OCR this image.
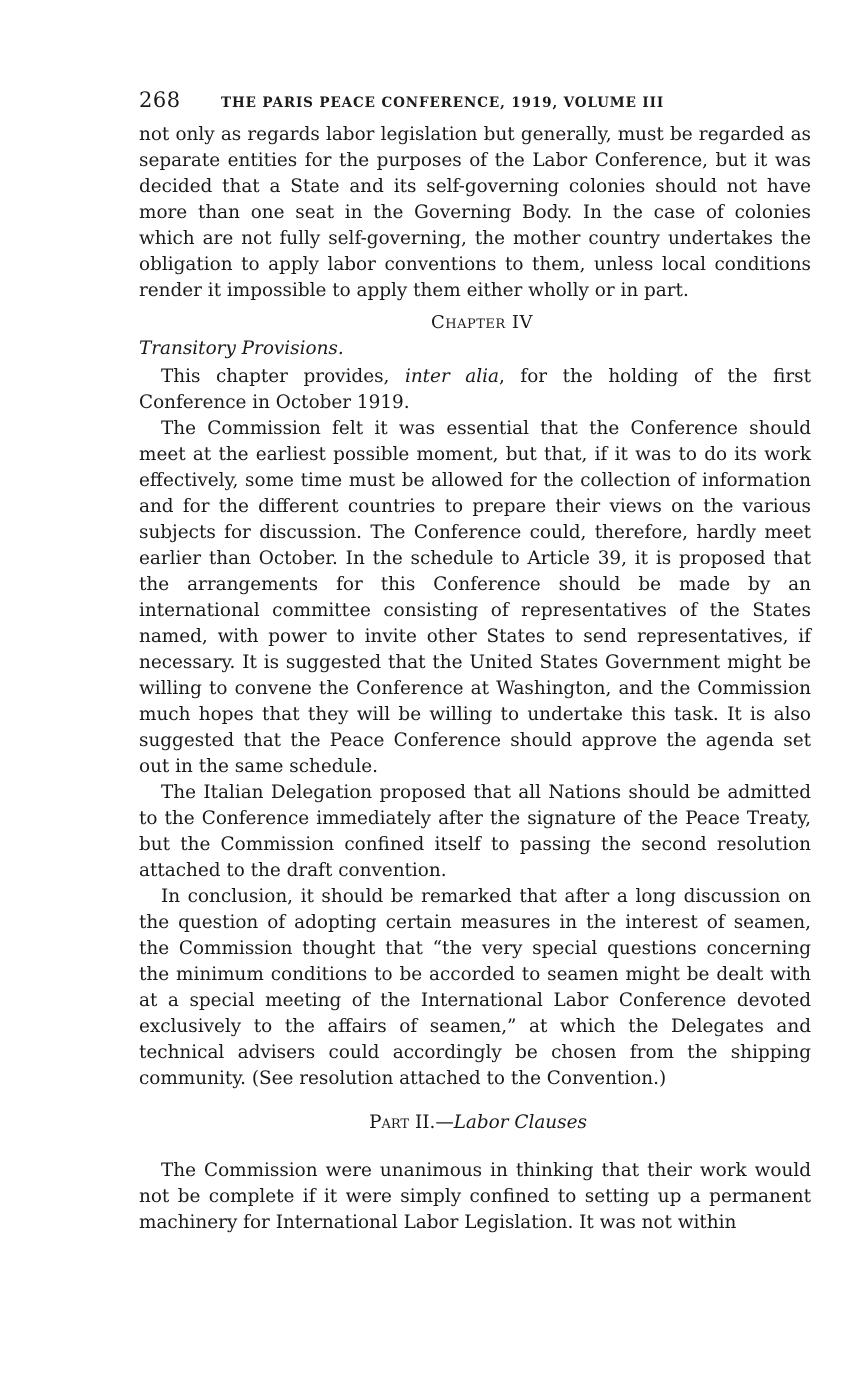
268	THE PARIS PEACE CONFERENCE, 1919, VOLUME III

not only as regards labor legislation but generally, must be regarded as separate entities for the purposes of the Labor Conference, but it was decided that a State and its self-governing colonies should not have more than one seat in the Governing Body. In the case of colonies which are not fully self-governing, the mother country undertakes the obligation to apply labor conventions to them, unless local conditions render it impossible to apply them either wholly or in part.

Chapter IV
Transitory Provisions.

This chapter provides, inter alia, for the holding of the first Conference in October 1919.

The Commission felt it was essential that the Conference should meet at the earliest possible moment, but that, if it was to do its work effectively, some time must be allowed for the collection of information and for the different countries to prepare their views on the various subjects for discussion. The Conference could, therefore, hardly meet earlier than October. In the schedule to Article 39, it is proposed that the arrangements for this Conference should be made by an international committee consisting of representatives of the States named, with power to invite other States to send representatives, if necessary. It is suggested that the United States Government might be willing to convene the Conference at Washington, and the Commission much hopes that they will be willing to undertake this task. It is also suggested that the Peace Conference should approve the agenda set out in the same schedule.

The Italian Delegation proposed that all Nations should be admitted to the Conference immediately after the signature of the Peace Treaty, but the Commission confined itself to passing the second resolution attached to the draft convention.

In conclusion, it should be remarked that after a long discussion on the question of adopting certain measures in the interest of seamen, the Commission thought that “the very special questions concerning the minimum conditions to be accorded to seamen might be dealt with at a special meeting of the International Labor Conference devoted exclusively to the affairs of seamen,” at which the Delegates and technical advisers could accordingly be chosen from the shipping community. (See resolution attached to the Convention.)

Part II.—Labor Clauses

The Commission were unanimous in thinking that their work would not be complete if it were simply confined to setting up a permanent machinery for International Labor Legislation. It was not within
